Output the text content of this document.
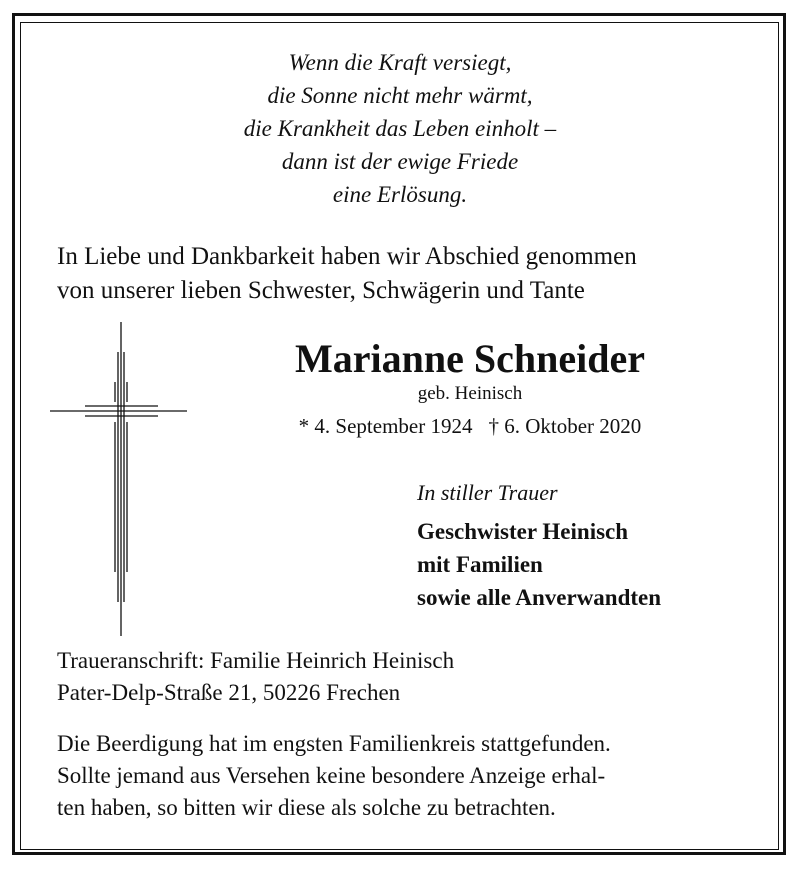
Wenn die Kraft versiegt,
die Sonne nicht mehr wärmt,
die Krankheit das Leben einholt –
dann ist der ewige Friede
eine Erlösung.
In Liebe und Dankbarkeit haben wir Abschied genommen
von unserer lieben Schwester, Schwägerin und Tante
Marianne Schneider
geb. Heinisch
* 4. September 1924 † 6. Oktober 2020
In stiller Trauer
Geschwister Heinisch
mit Familien
sowie alle Anverwandten
Traueranschrift: Familie Heinrich Heinisch
Pater-Delp-Straße 21, 50226 Frechen
Die Beerdigung hat im engsten Familienkreis stattgefunden.
Sollte jemand aus Versehen keine besondere Anzeige erhal-
ten haben, so bitten wir diese als solche zu betrachten.
